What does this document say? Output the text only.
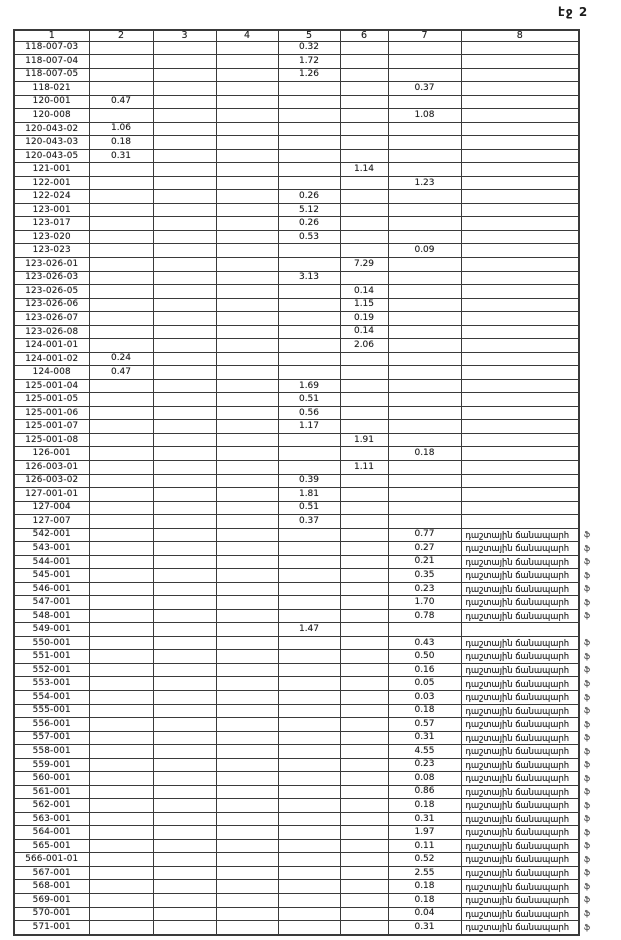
էջ 2
1	2	3	4	5	6	7	8	
118-007-03				0.32				
118-007-04				1.72				
118-007-05				1.26				
118-021						0.37		
120-001	0.47							
120-008						1.08		
120-043-02	1.06							
120-043-03	0.18							
120-043-05	0.31							
121-001					1.14			
122-001						1.23		
122-024				0.26				
123-001				5.12				
123-017				0.26				
123-020				0.53				
123-023						0.09		
123-026-01					7.29			
123-026-03				3.13				
123-026-05					0.14			
123-026-06					1.15			
123-026-07					0.19			
123-026-08					0.14			
124-001-01					2.06			
124-001-02	0.24							
124-008	0.47							
125-001-04				1.69				
125-001-05				0.51				
125-001-06				0.56				
125-001-07				1.17				
125-001-08					1.91			
126-001						0.18		
126-003-01					1.11			
126-003-02				0.39				
127-001-01				1.81				
127-004				0.51				
127-007				0.37				
542-001						0.77	դաշտային ճանապարհ	ֆ
543-001						0.27	դաշտային ճանապարհ	ֆ
544-001						0.21	դաշտային ճանապարհ	ֆ
545-001						0.35	դաշտային ճանապարհ	ֆ
546-001						0.23	դաշտային ճանապարհ	ֆ
547-001						1.70	դաշտային ճանապարհ	ֆ
548-001						0.78	դաշտային ճանապարհ	ֆ
549-001				1.47				
550-001						0.43	դաշտային ճանապարհ	ֆ
551-001						0.50	դաշտային ճանապարհ	ֆ
552-001						0.16	դաշտային ճանապարհ	ֆ
553-001						0.05	դաշտային ճանապարհ	ֆ
554-001						0.03	դաշտային ճանապարհ	ֆ
555-001						0.18	դաշտային ճանապարհ	ֆ
556-001						0.57	դաշտային ճանապարհ	ֆ
557-001						0.31	դաշտային ճանապարհ	ֆ
558-001						4.55	դաշտային ճանապարհ	ֆ
559-001						0.23	դաշտային ճանապարհ	ֆ
560-001						0.08	դաշտային ճանապարհ	ֆ
561-001						0.86	դաշտային ճանապարհ	ֆ
562-001						0.18	դաշտային ճանապարհ	ֆ
563-001						0.31	դաշտային ճանապարհ	ֆ
564-001						1.97	դաշտային ճանապարհ	ֆ
565-001						0.11	դաշտային ճանապարհ	ֆ
566-001-01						0.52	դաշտային ճանապարհ	ֆ
567-001						2.55	դաշտային ճանապարհ	ֆ
568-001						0.18	դաշտային ճանապարհ	ֆ
569-001						0.18	դաշտային ճանապարհ	ֆ
570-001						0.04	դաշտային ճանապարհ	ֆ
571-001						0.31	դաշտային ճանապարհ	ֆ
